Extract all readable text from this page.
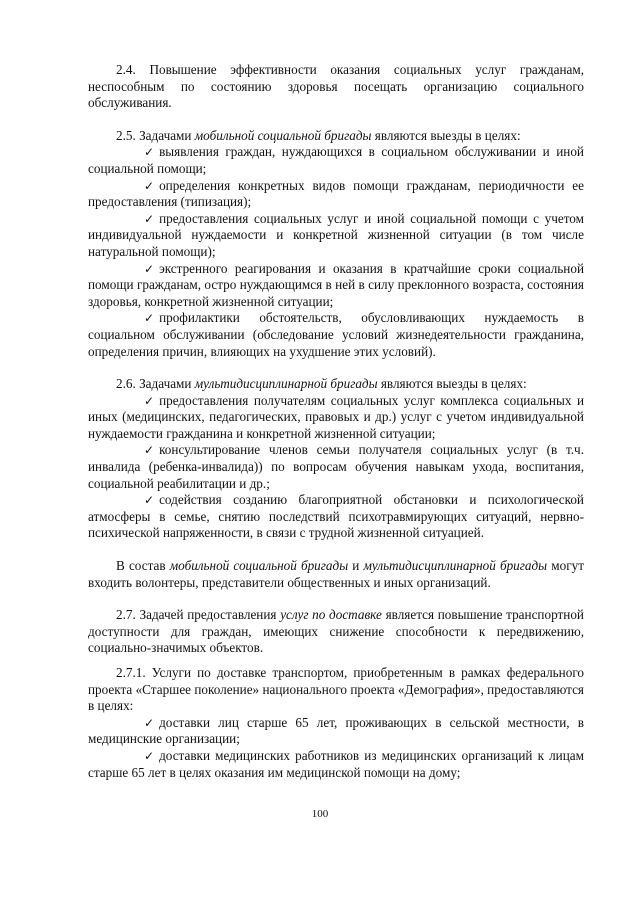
2.4. Повышение эффективности оказания социальных услуг гражданам, неспособным по состоянию здоровья посещать организацию социального обслуживания.

2.5. Задачами мобильной социальной бригады являются выезды в целях:

✓ выявления граждан, нуждающихся в социальном обслуживании и иной социальной помощи;

✓ определения конкретных видов помощи гражданам, периодичности ее предоставления (типизация);

✓ предоставления социальных услуг и иной социальной помощи с учетом индивидуальной нуждаемости и конкретной жизненной ситуации (в том числе натуральной помощи);

✓ экстренного реагирования и оказания в кратчайшие сроки социальной помощи гражданам, остро нуждающимся в ней в силу преклонного возраста, состояния здоровья, конкретной жизненной ситуации;

✓ профилактики обстоятельств, обусловливающих нуждаемость в социальном обслуживании (обследование условий жизнедеятельности гражданина, определения причин, влияющих на ухудшение этих условий).

2.6. Задачами мультидисциплинарной бригады являются выезды в целях:

✓ предоставления получателям социальных услуг комплекса социальных и иных (медицинских, педагогических, правовых и др.) услуг с учетом индивидуальной нуждаемости гражданина и конкретной жизненной ситуации;

✓ консультирование членов семьи получателя социальных услуг (в т.ч. инвалида (ребенка-инвалида)) по вопросам обучения навыкам ухода, воспитания, социальной реабилитации и др.;

✓ содействия созданию благоприятной обстановки и психологической атмосферы в семье, снятию последствий психотравмирующих ситуаций, нервно-психической напряженности, в связи с трудной жизненной ситуацией.

В состав мобильной социальной бригады и мультидисциплинарной бригады могут входить волонтеры, представители общественных и иных организаций.

2.7. Задачей предоставления услуг по доставке является повышение транспортной доступности для граждан, имеющих снижение способности к передвижению, социально-значимых объектов.

2.7.1. Услуги по доставке транспортом, приобретенным в рамках федерального проекта «Старшее поколение» национального проекта «Демография», предоставляются в целях:

✓ доставки лиц старше 65 лет, проживающих в сельской местности, в медицинские организации;

✓ доставки медицинских работников из медицинских организаций к лицам старше 65 лет в целях оказания им медицинской помощи на дому;

100
